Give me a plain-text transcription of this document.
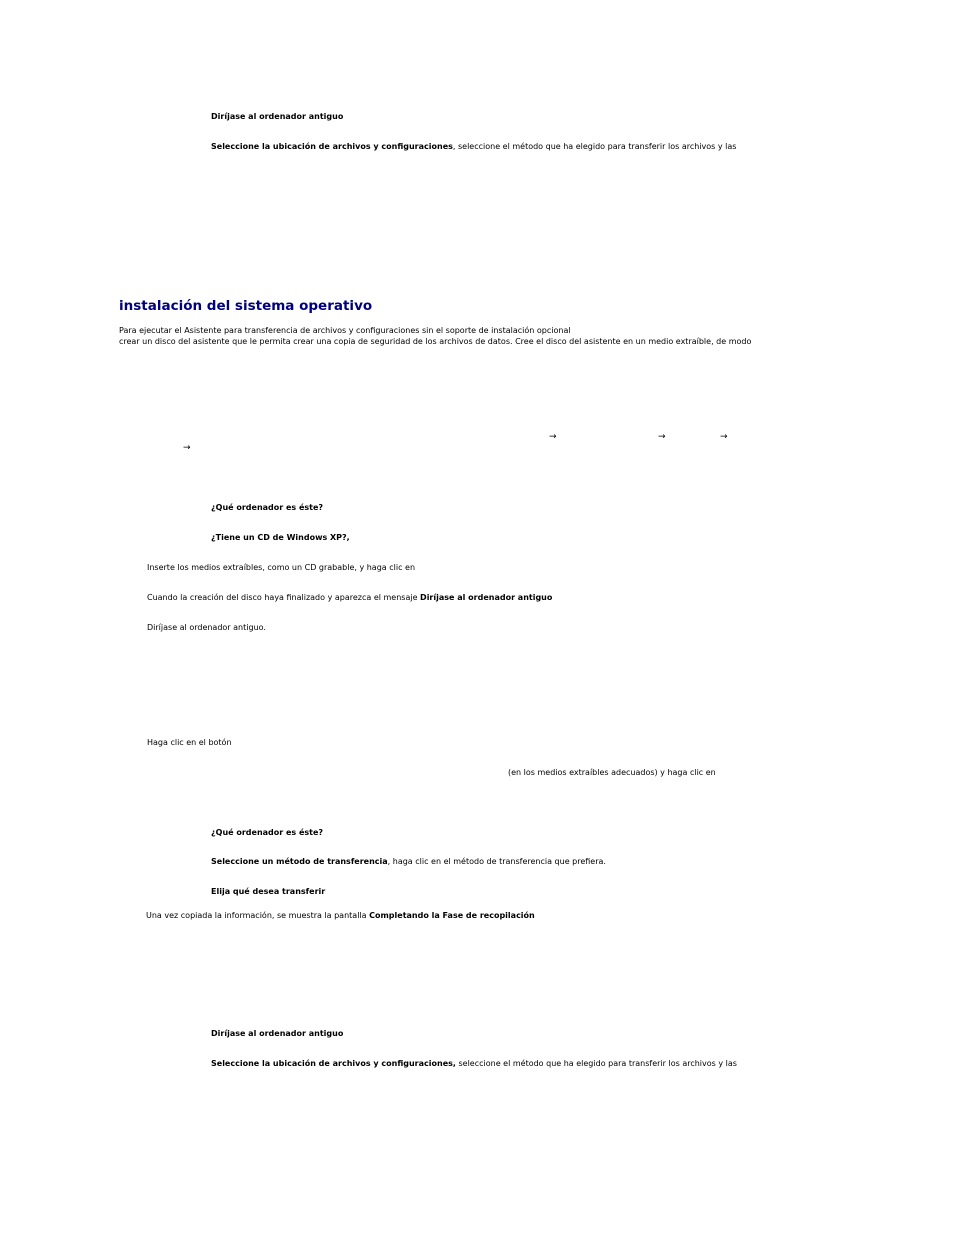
Diríjase al ordenador antiguo
Seleccione la ubicación de archivos y configuraciones, seleccione el método que ha elegido para transferir los archivos y las
instalación del sistema operativo
Para ejecutar el Asistente para transferencia de archivos y configuraciones sin el soporte de instalación opcional
crear un disco del asistente que le permita crear una copia de seguridad de los archivos de datos. Cree el disco del asistente en un medio extraíble, de modo
→	→	→
→
¿Qué ordenador es éste?
¿Tiene un CD de Windows XP?,
Inserte los medios extraíbles, como un CD grabable, y haga clic en
Cuando la creación del disco haya finalizado y aparezca el mensaje Diríjase al ordenador antiguo
Diríjase al ordenador antiguo.
Haga clic en el botón
(en los medios extraíbles adecuados) y haga clic en
¿Qué ordenador es éste?
Seleccione un método de transferencia, haga clic en el método de transferencia que prefiera.
Elija qué desea transferir
Una vez copiada la información, se muestra la pantalla Completando la Fase de recopilación
Diríjase al ordenador antiguo
Seleccione la ubicación de archivos y configuraciones, seleccione el método que ha elegido para transferir los archivos y las
